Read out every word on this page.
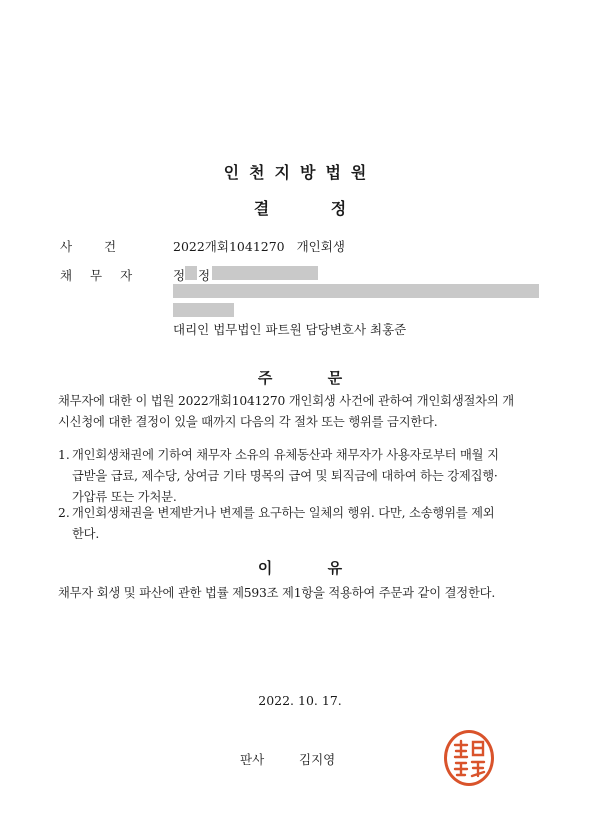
인천지방법원
결 정
사 건	2022개회1041270 개인회생
채 무 자	정 정
대리인 법무법인 파트원 담당변호사 최홍준
주 문
채무자에 대한 이 법원 2022개회1041270 개인회생 사건에 관하여 개인회생절차의 개
시신청에 대한 결정이 있을 때까지 다음의 각 절차 또는 행위를 금지한다.
1. 개인회생채권에 기하여 채무자 소유의 유체동산과 채무자가 사용자로부터 매월 지
급받을 급료, 제수당, 상여금 기타 명목의 급여 및 퇴직금에 대하여 하는 강제집행·
가압류 또는 가처분.
2. 개인회생채권을 변제받거나 변제를 요구하는 일체의 행위. 다만, 소송행위를 제외
한다.
이 유
채무자 회생 및 파산에 관한 법률 제593조 제1항을 적용하여 주문과 같이 결정한다.
2022. 10. 17.
판사	김지영
